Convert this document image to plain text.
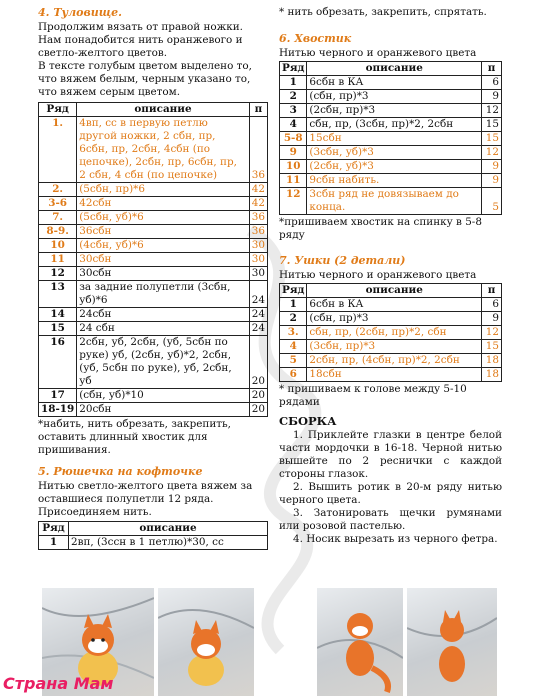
4. Туловище.

Продолжим вязать от правой ножки.

Нам понадобится нить оранжевого и светло-желтого цветов.

В тексте голубым цветом выделено то, что вяжем белым, черным указано то, что вяжем серым цветом.

Ряд	описание	п
1.	4вп, сс в первую петлю другой ножки, 2 сбн, пр, 6сбн, пр, 2сбн, 4сбн (по цепочке), 2сбн, пр, 6сбн, пр, 2 сбн, 4 сбн (по цепочке)	36
2.	(5сбн, пр)*6	42
3-6	42сбн	42
7.	(5сбн, уб)*6	36
8-9.	36сбн	36
10	(4сбн, уб)*6	30
11	30сбн	30
12	30сбн	30
13	за задние полупетли (3сбн, уб)*6	24
14	24сбн	24
15	24 сбн	24
16	2сбн, уб, 2сбн, (уб, 5сбн по руке) уб, (2сбн, уб)*2, 2сбн, (уб, 5сбн по руке), уб, 2сбн, уб	20
17	(сбн, уб)*10	20
18-19	20сбн	20

*набить, нить обрезать, закрепить, оставить длинный хвостик для пришивания.

5. Рюшечка на кофточке

Нитью светло-желтого цвета вяжем за оставшиеся полупетли 12 ряда.

Присоединяем нить.

Ряд	описание
1	2вп, (3ссн в 1 петлю)*30, сс

* нить обрезать, закрепить, спрятать.

6. Хвостик

Нитью черного и оранжевого цвета

Ряд	описание	п
1	6сбн в КА	6
2	(сбн, пр)*3	9
3	(2сбн, пр)*3	12
4	сбн, пр, (3сбн, пр)*2, 2сбн	15
5-8	15сбн	15
9	(3сбн, уб)*3	12
10	(2сбн, уб)*3	9
11	9сбн набить.	9
12	3сбн ряд не довязываем до конца.	5

*пришиваем хвостик на спинку в 5-8 ряду

7. Ушки (2 детали)

Нитью черного и оранжевого цвета

Ряд	описание	п
1	6сбн в КА	6
2	(сбн, пр)*3	9
3.	сбн, пр, (2сбн, пр)*2, сбн	12
4	(3сбн, пр)*3	15
5	2сбн, пр, (4сбн, пр)*2, 2сбн	18
6	18сбн	18

* пришиваем к голове между 5-10 рядами

СБОРКА

1. Приклейте глазки в центре белой части мордочки в 16-18. Черной нитью вышейте по 2 реснички с каждой стороны глазок.

2. Вышить ротик в 20-м ряду нитью черного цвета.

3. Затонировать щечки румянами или розовой пастелью.

4. Носик вырезать из черного фетра.

Страна Мам
